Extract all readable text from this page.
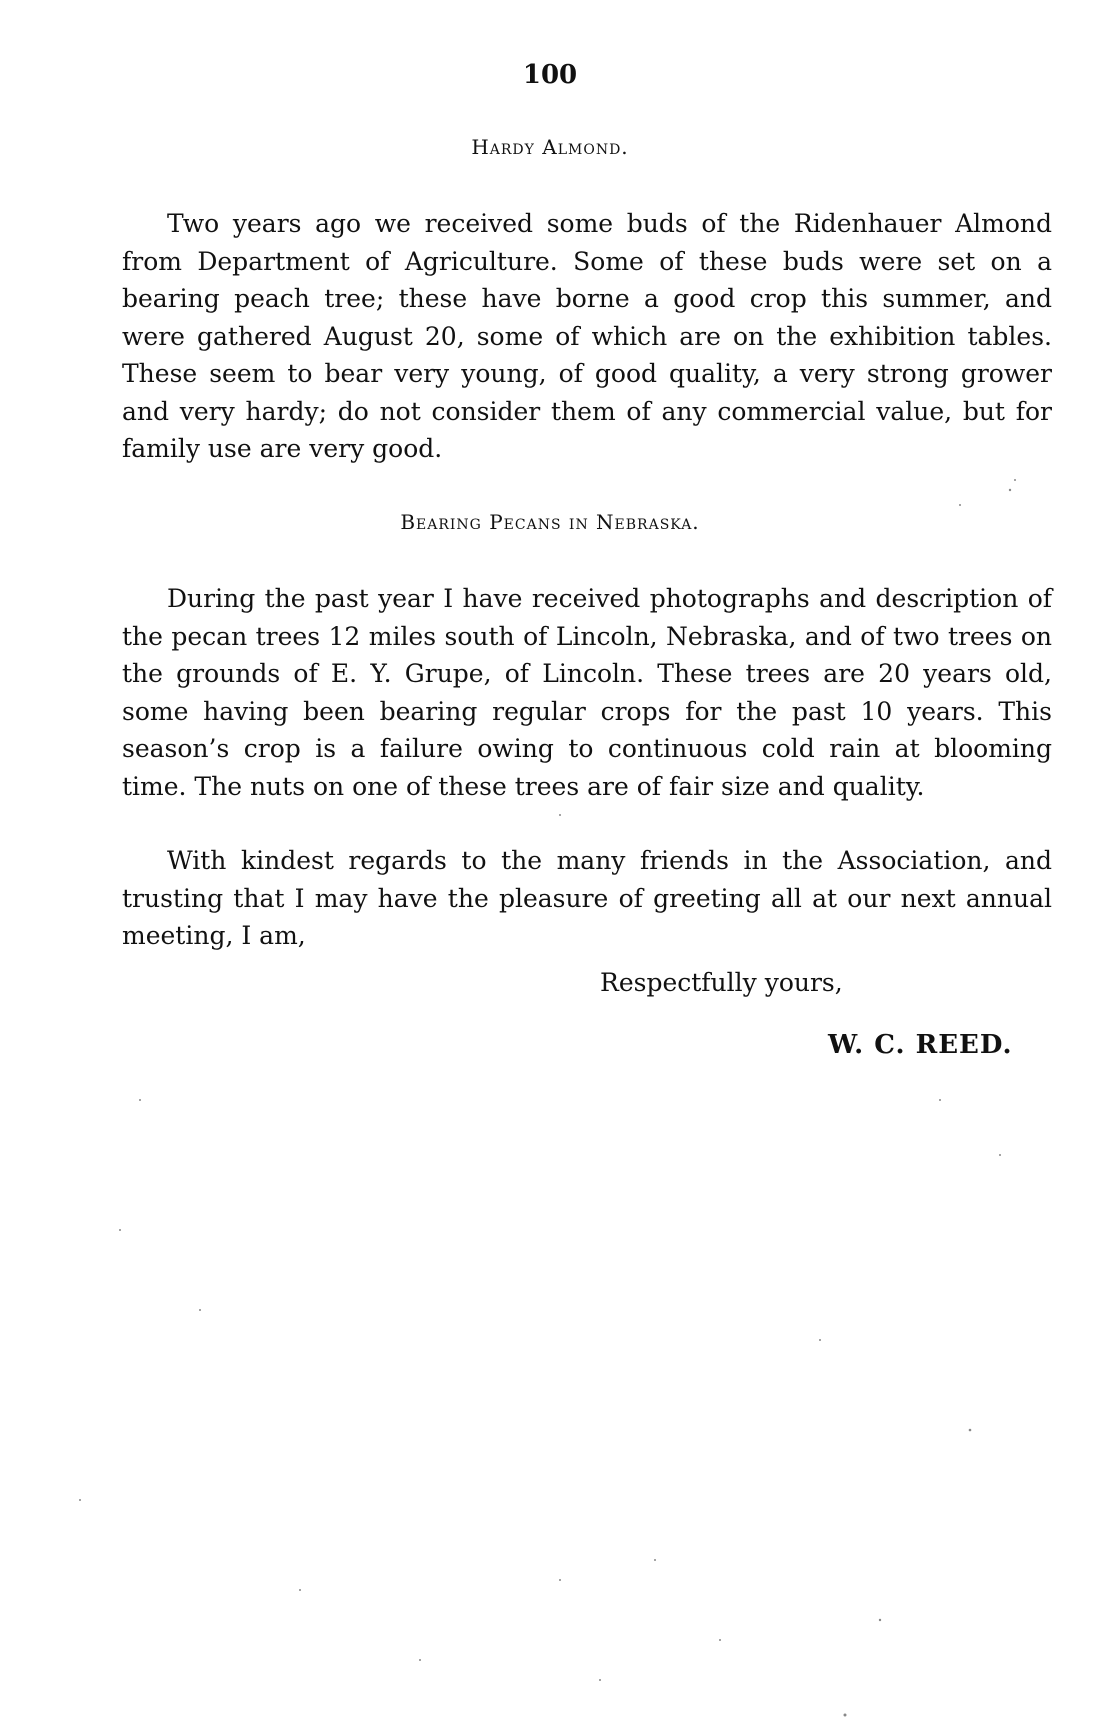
100
Hardy Almond.

Two years ago we received some buds of the Ridenhauer Almond from Department of Agriculture. Some of these buds were set on a bearing peach tree; these have borne a good crop this summer, and were gathered August 20, some of which are on the exhibition tables. These seem to bear very young, of good quality, a very strong grower and very hardy; do not consider them of any commercial value, but for family use are very good.

Bearing Pecans in Nebraska.

During the past year I have received photographs and description of the pecan trees 12 miles south of Lincoln, Nebraska, and of two trees on the grounds of E. Y. Grupe, of Lincoln. These trees are 20 years old, some having been bearing regular crops for the past 10 years. This season’s crop is a failure owing to continuous cold rain at blooming time. The nuts on one of these trees are of fair size and quality.

With kindest regards to the many friends in the Association, and trusting that I may have the pleasure of greeting all at our next annual meeting, I am,

Respectfully yours,
W. C. REED.
